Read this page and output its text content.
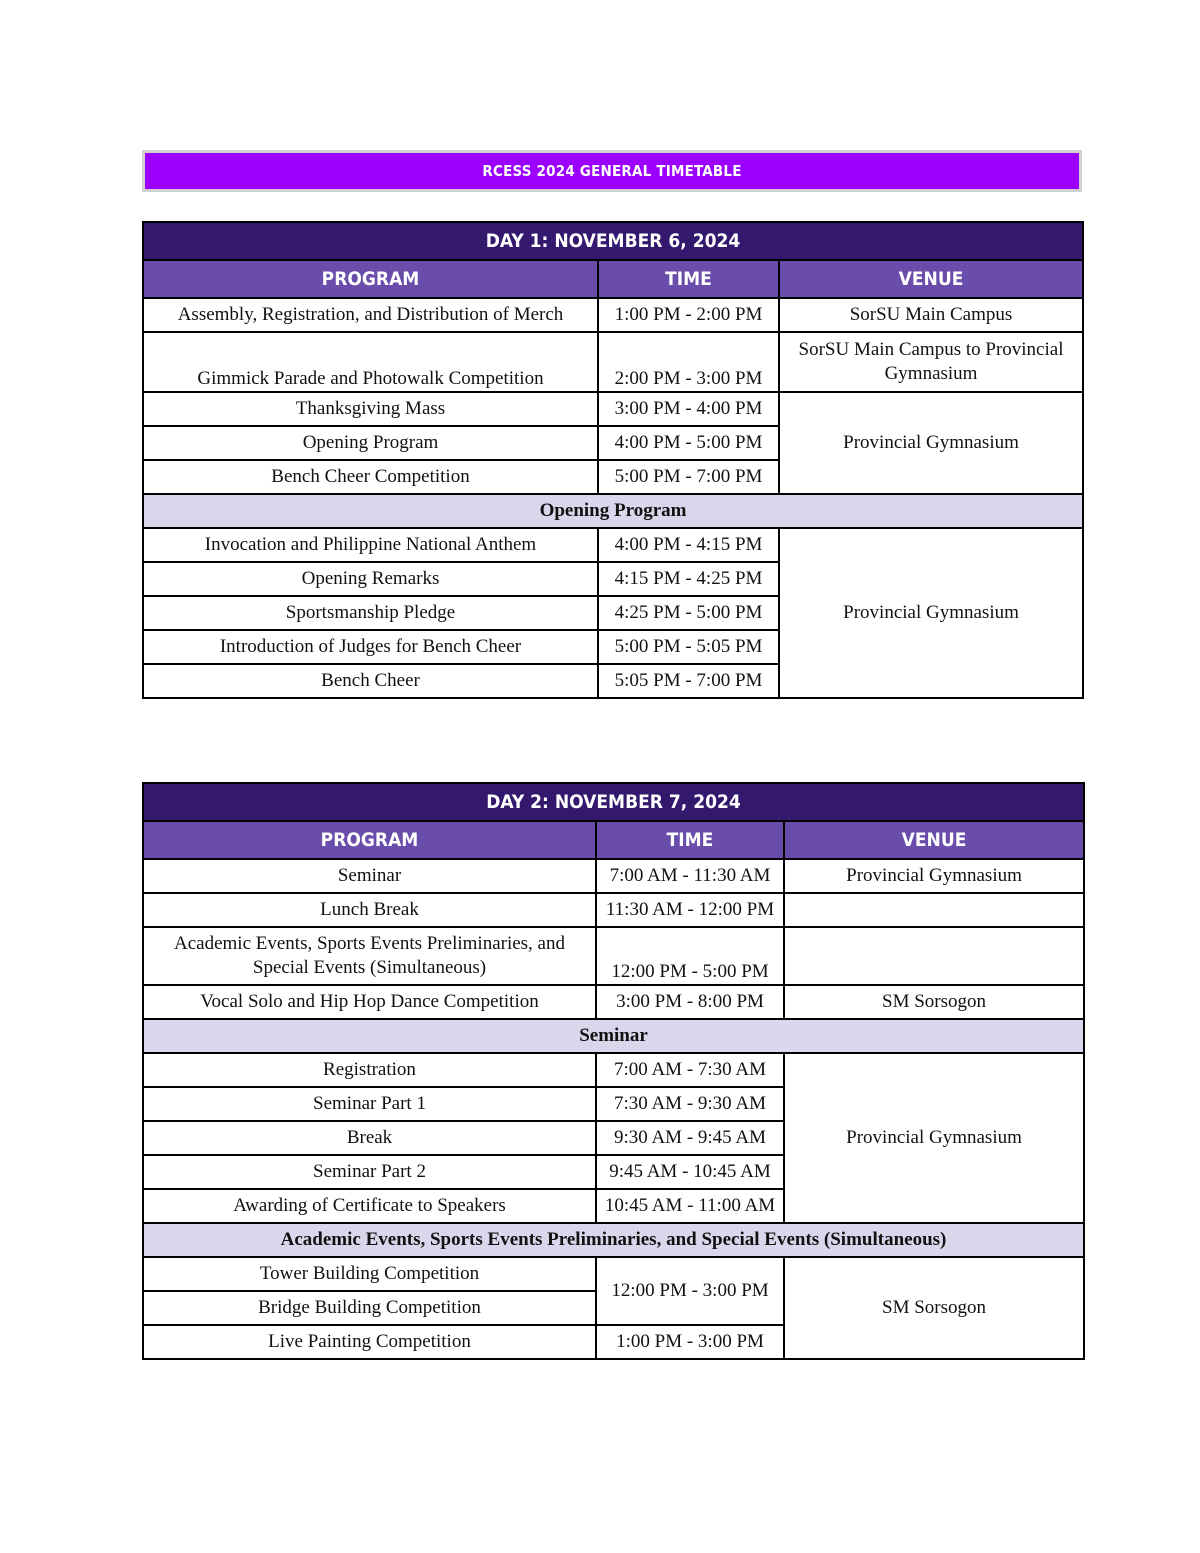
RCESS 2024 GENERAL TIMETABLE
DAY 1: NOVEMBER 6, 2024		
PROGRAM	TIME	VENUE
Assembly, Registration, and Distribution of Merch	1:00 PM - 2:00 PM	SorSU Main Campus
Gimmick Parade and Photowalk Competition	2:00 PM - 3:00 PM	SorSU Main Campus to Provincial Gymnasium
Thanksgiving Mass	3:00 PM - 4:00 PM	Provincial Gymnasium
Opening Program	4:00 PM - 5:00 PM	
Bench Cheer Competition	5:00 PM - 7:00 PM	
Opening Program		
Invocation and Philippine National Anthem	4:00 PM - 4:15 PM	Provincial Gymnasium
Opening Remarks	4:15 PM - 4:25 PM	
Sportsmanship Pledge	4:25 PM - 5:00 PM	
Introduction of Judges for Bench Cheer	5:00 PM - 5:05 PM	
Bench Cheer	5:05 PM - 7:00 PM	
DAY 2: NOVEMBER 7, 2024		
PROGRAM	TIME	VENUE
Seminar	7:00 AM - 11:30 AM	Provincial Gymnasium
Lunch Break	11:30 AM - 12:00 PM	
Academic Events, Sports Events Preliminaries, and Special Events (Simultaneous)	12:00 PM - 5:00 PM	
Vocal Solo and Hip Hop Dance Competition	3:00 PM - 8:00 PM	SM Sorsogon
Seminar		
Registration	7:00 AM - 7:30 AM	Provincial Gymnasium
Seminar Part 1	7:30 AM - 9:30 AM	
Break	9:30 AM - 9:45 AM	
Seminar Part 2	9:45 AM - 10:45 AM	
Awarding of Certificate to Speakers	10:45 AM - 11:00 AM	
Academic Events, Sports Events Preliminaries, and Special Events (Simultaneous)		
Tower Building Competition	12:00 PM - 3:00 PM	SM Sorsogon
Bridge Building Competition		
Live Painting Competition	1:00 PM - 3:00 PM	
